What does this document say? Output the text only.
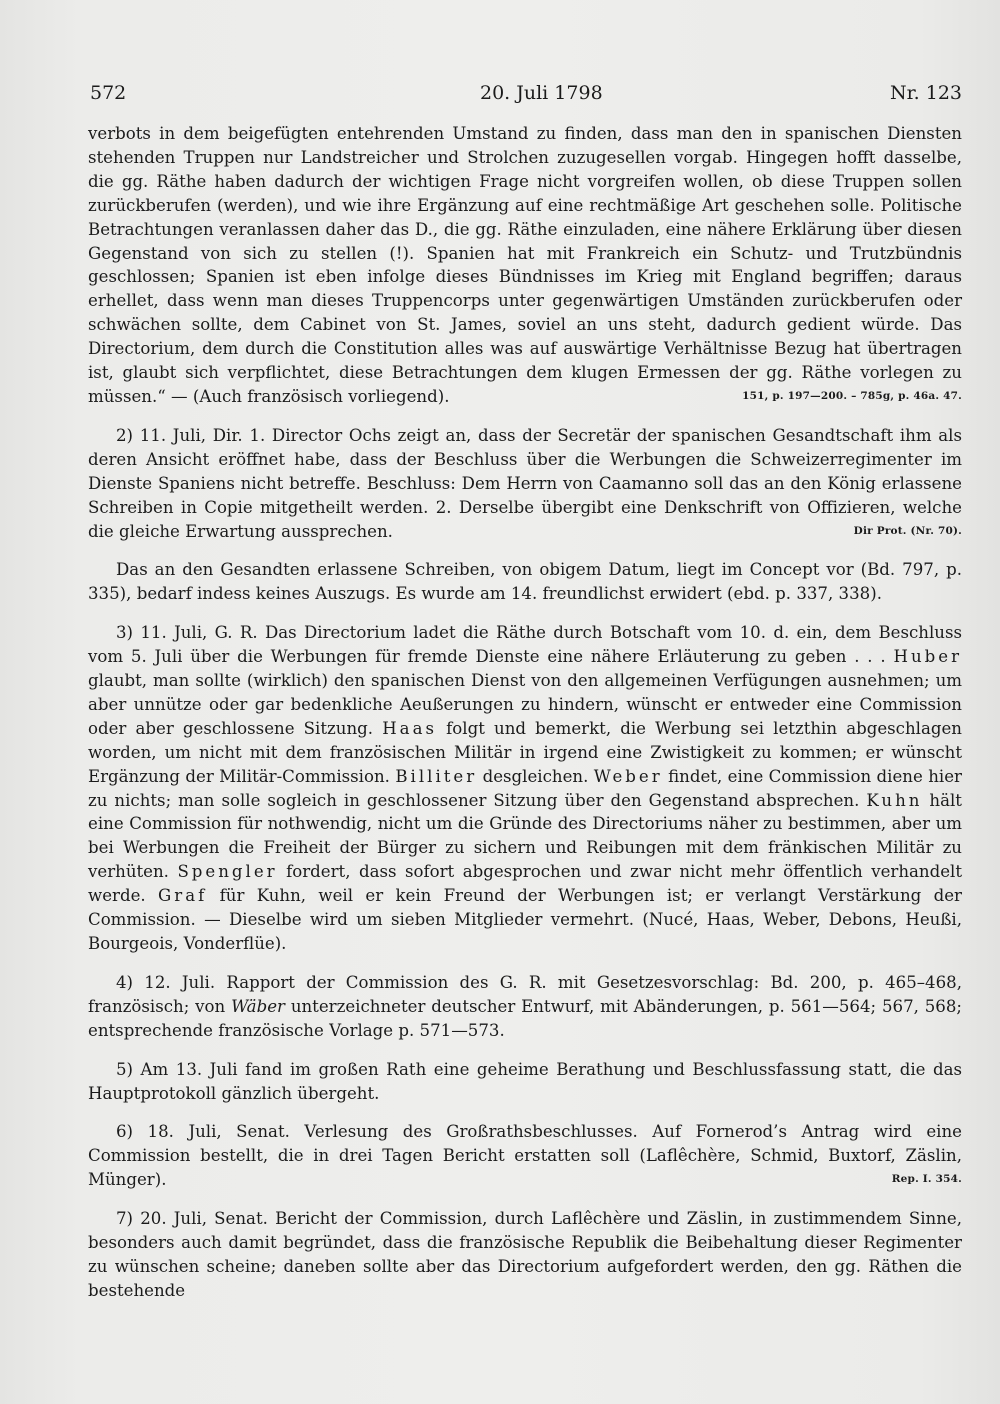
572	20. Juli 1798	Nr. 123

verbots in dem beigefügten entehrenden Umstand zu finden, dass man den in spanischen Diensten stehenden Truppen nur Landstreicher und Strolchen zuzugesellen vorgab. Hingegen hofft dasselbe, die gg. Räthe haben dadurch der wichtigen Frage nicht vorgreifen wollen, ob diese Truppen sollen zurückberufen (werden), und wie ihre Ergänzung auf eine rechtmäßige Art geschehen solle. Politische Betrachtungen veranlassen daher das D., die gg. Räthe einzuladen, eine nähere Erklärung über diesen Gegenstand von sich zu stellen (!). Spanien hat mit Frankreich ein Schutz- und Trutzbündnis geschlossen; Spanien ist eben infolge dieses Bündnisses im Krieg mit England begriffen; daraus erhellet, dass wenn man dieses Truppencorps unter gegenwärtigen Umständen zurückberufen oder schwächen sollte, dem Cabinet von St. James, soviel an uns steht, dadurch gedient würde. Das Directorium, dem durch die Constitution alles was auf auswärtige Verhältnisse Bezug hat übertragen ist, glaubt sich verpflichtet, diese Betrachtungen dem klugen Ermessen der gg. Räthe vorlegen zu müssen.“ — (Auch französisch vorliegend).	151, p. 197—200. – 785g, p. 46a. 47.

2) 11. Juli, Dir. 1. Director Ochs zeigt an, dass der Secretär der spanischen Gesandtschaft ihm als deren Ansicht eröffnet habe, dass der Beschluss über die Werbungen die Schweizerregimenter im Dienste Spaniens nicht betreffe. Beschluss: Dem Herrn von Caamanno soll das an den König erlassene Schreiben in Copie mitgetheilt werden. 2. Derselbe übergibt eine Denkschrift von Offizieren, welche die gleiche Erwartung aussprechen.	Dir Prot. (Nr. 70).

Das an den Gesandten erlassene Schreiben, von obigem Datum, liegt im Concept vor (Bd. 797, p. 335), bedarf indess keines Auszugs. Es wurde am 14. freundlichst erwidert (ebd. p. 337, 338).

3) 11. Juli, G. R. Das Directorium ladet die Räthe durch Botschaft vom 10. d. ein, dem Beschluss vom 5. Juli über die Werbungen für fremde Dienste eine nähere Erläuterung zu geben . . . Huber glaubt, man sollte (wirklich) den spanischen Dienst von den allgemeinen Verfügungen ausnehmen; um aber unnütze oder gar bedenkliche Aeußerungen zu hindern, wünscht er entweder eine Commission oder aber geschlossene Sitzung. Haas folgt und bemerkt, die Werbung sei letzthin abgeschlagen worden, um nicht mit dem französischen Militär in irgend eine Zwistigkeit zu kommen; er wünscht Ergänzung der Militär-Commission. Billiter desgleichen. Weber findet, eine Commission diene hier zu nichts; man solle sogleich in geschlossener Sitzung über den Gegenstand absprechen. Kuhn hält eine Commission für nothwendig, nicht um die Gründe des Directoriums näher zu bestimmen, aber um bei Werbungen die Freiheit der Bürger zu sichern und Reibungen mit dem fränkischen Militär zu verhüten. Spengler fordert, dass sofort abgesprochen und zwar nicht mehr öffentlich verhandelt werde. Graf für Kuhn, weil er kein Freund der Werbungen ist; er verlangt Verstärkung der Commission. — Dieselbe wird um sieben Mitglieder vermehrt. (Nucé, Haas, Weber, Debons, Heußi, Bourgeois, Vonderflüe).

4) 12. Juli. Rapport der Commission des G. R. mit Gesetzesvorschlag: Bd. 200, p. 465–468, französisch; von Wäber unterzeichneter deutscher Entwurf, mit Abänderungen, p. 561—564; 567, 568; entsprechende französische Vorlage p. 571—573.

5) Am 13. Juli fand im großen Rath eine geheime Berathung und Beschlussfassung statt, die das Hauptprotokoll gänzlich übergeht.

6) 18. Juli, Senat. Verlesung des Großrathsbeschlusses. Auf Fornerod’s Antrag wird eine Commission bestellt, die in drei Tagen Bericht erstatten soll (Laflêchère, Schmid, Buxtorf, Zäslin, Münger).	Rep. I. 354.

7) 20. Juli, Senat. Bericht der Commission, durch Laflêchère und Zäslin, in zustimmendem Sinne, besonders auch damit begründet, dass die französische Republik die Beibehaltung dieser Regimenter zu wünschen scheine; daneben sollte aber das Directorium aufgefordert werden, den gg. Räthen die bestehende
